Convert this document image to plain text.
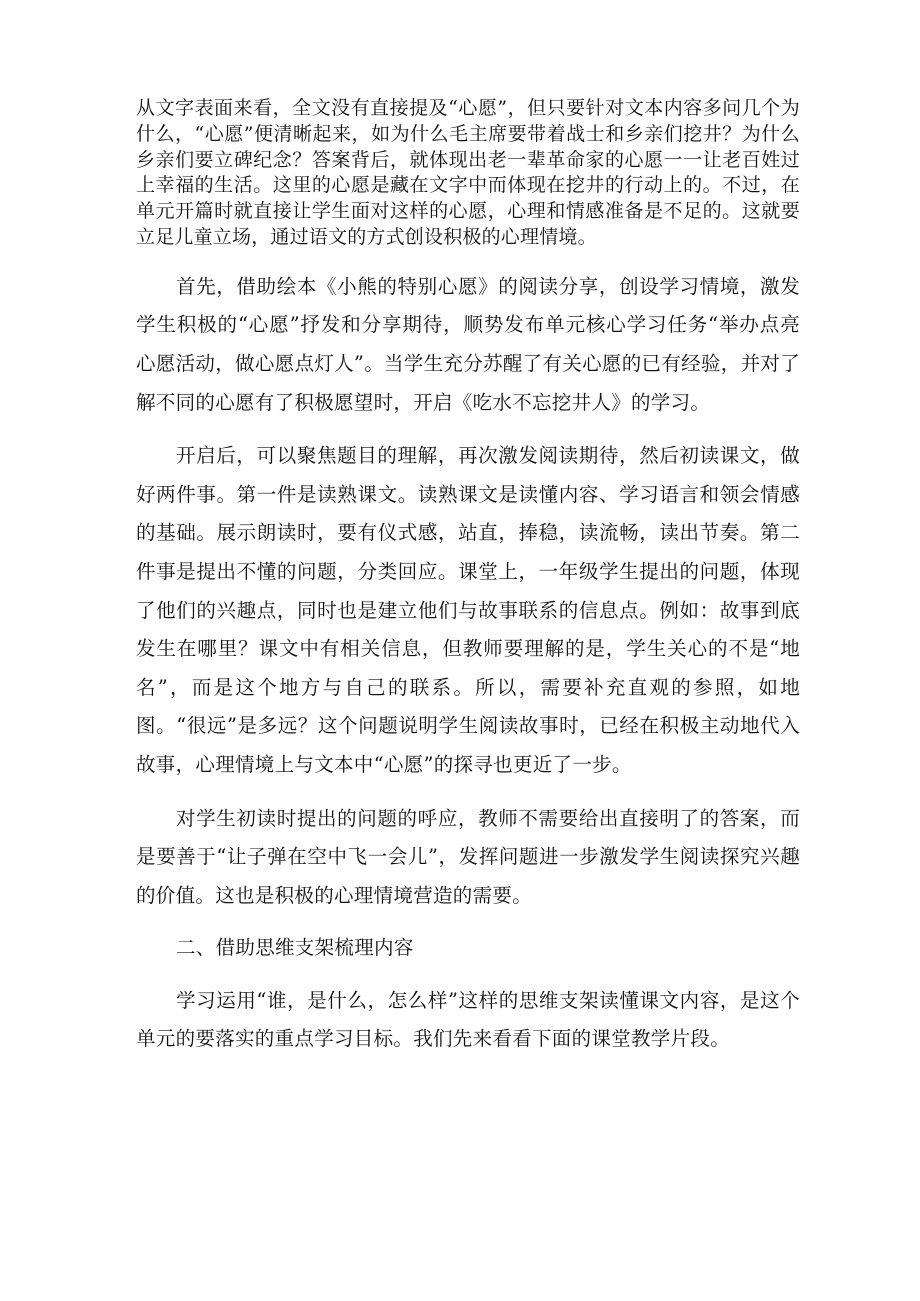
从文字表面来看，全文没有直接提及“心愿”，但只要针对文本内容多问几个为什么，“心愿”便清晰起来，如为什么毛主席要带着战士和乡亲们挖井？为什么乡亲们要立碑纪念？答案背后，就体现出老一辈革命家的心愿一一让老百姓过上幸福的生活。这里的心愿是藏在文字中而体现在挖井的行动上的。不过，在单元开篇时就直接让学生面对这样的心愿，心理和情感准备是不足的。这就要立足儿童立场，通过语文的方式创设积极的心理情境。

首先，借助绘本《小熊的特别心愿》的阅读分享，创设学习情境，激发学生积极的“心愿”抒发和分享期待，顺势发布单元核心学习任务“举办点亮心愿活动，做心愿点灯人”。当学生充分苏醒了有关心愿的已有经验，并对了解不同的心愿有了积极愿望时，开启《吃水不忘挖井人》的学习。

开启后，可以聚焦题目的理解，再次激发阅读期待，然后初读课文，做好两件事。第一件是读熟课文。读熟课文是读懂内容、学习语言和领会情感的基础。展示朗读时，要有仪式感，站直，捧稳，读流畅，读出节奏。第二件事是提出不懂的问题，分类回应。课堂上，一年级学生提出的问题，体现了他们的兴趣点，同时也是建立他们与故事联系的信息点。例如：故事到底发生在哪里？课文中有相关信息，但教师要理解的是，学生关心的不是“地名”，而是这个地方与自己的联系。所以，需要补充直观的参照，如地图。“很远”是多远？这个问题说明学生阅读故事时，已经在积极主动地代入故事，心理情境上与文本中“心愿”的探寻也更近了一步。

对学生初读时提出的问题的呼应，教师不需要给出直接明了的答案，而是要善于“让子弹在空中飞一会儿”，发挥问题进一步激发学生阅读探究兴趣的价值。这也是积极的心理情境营造的需要。

二、借助思维支架梳理内容

学习运用“谁，是什么，怎么样”这样的思维支架读懂课文内容，是这个单元的要落实的重点学习目标。我们先来看看下面的课堂教学片段。
